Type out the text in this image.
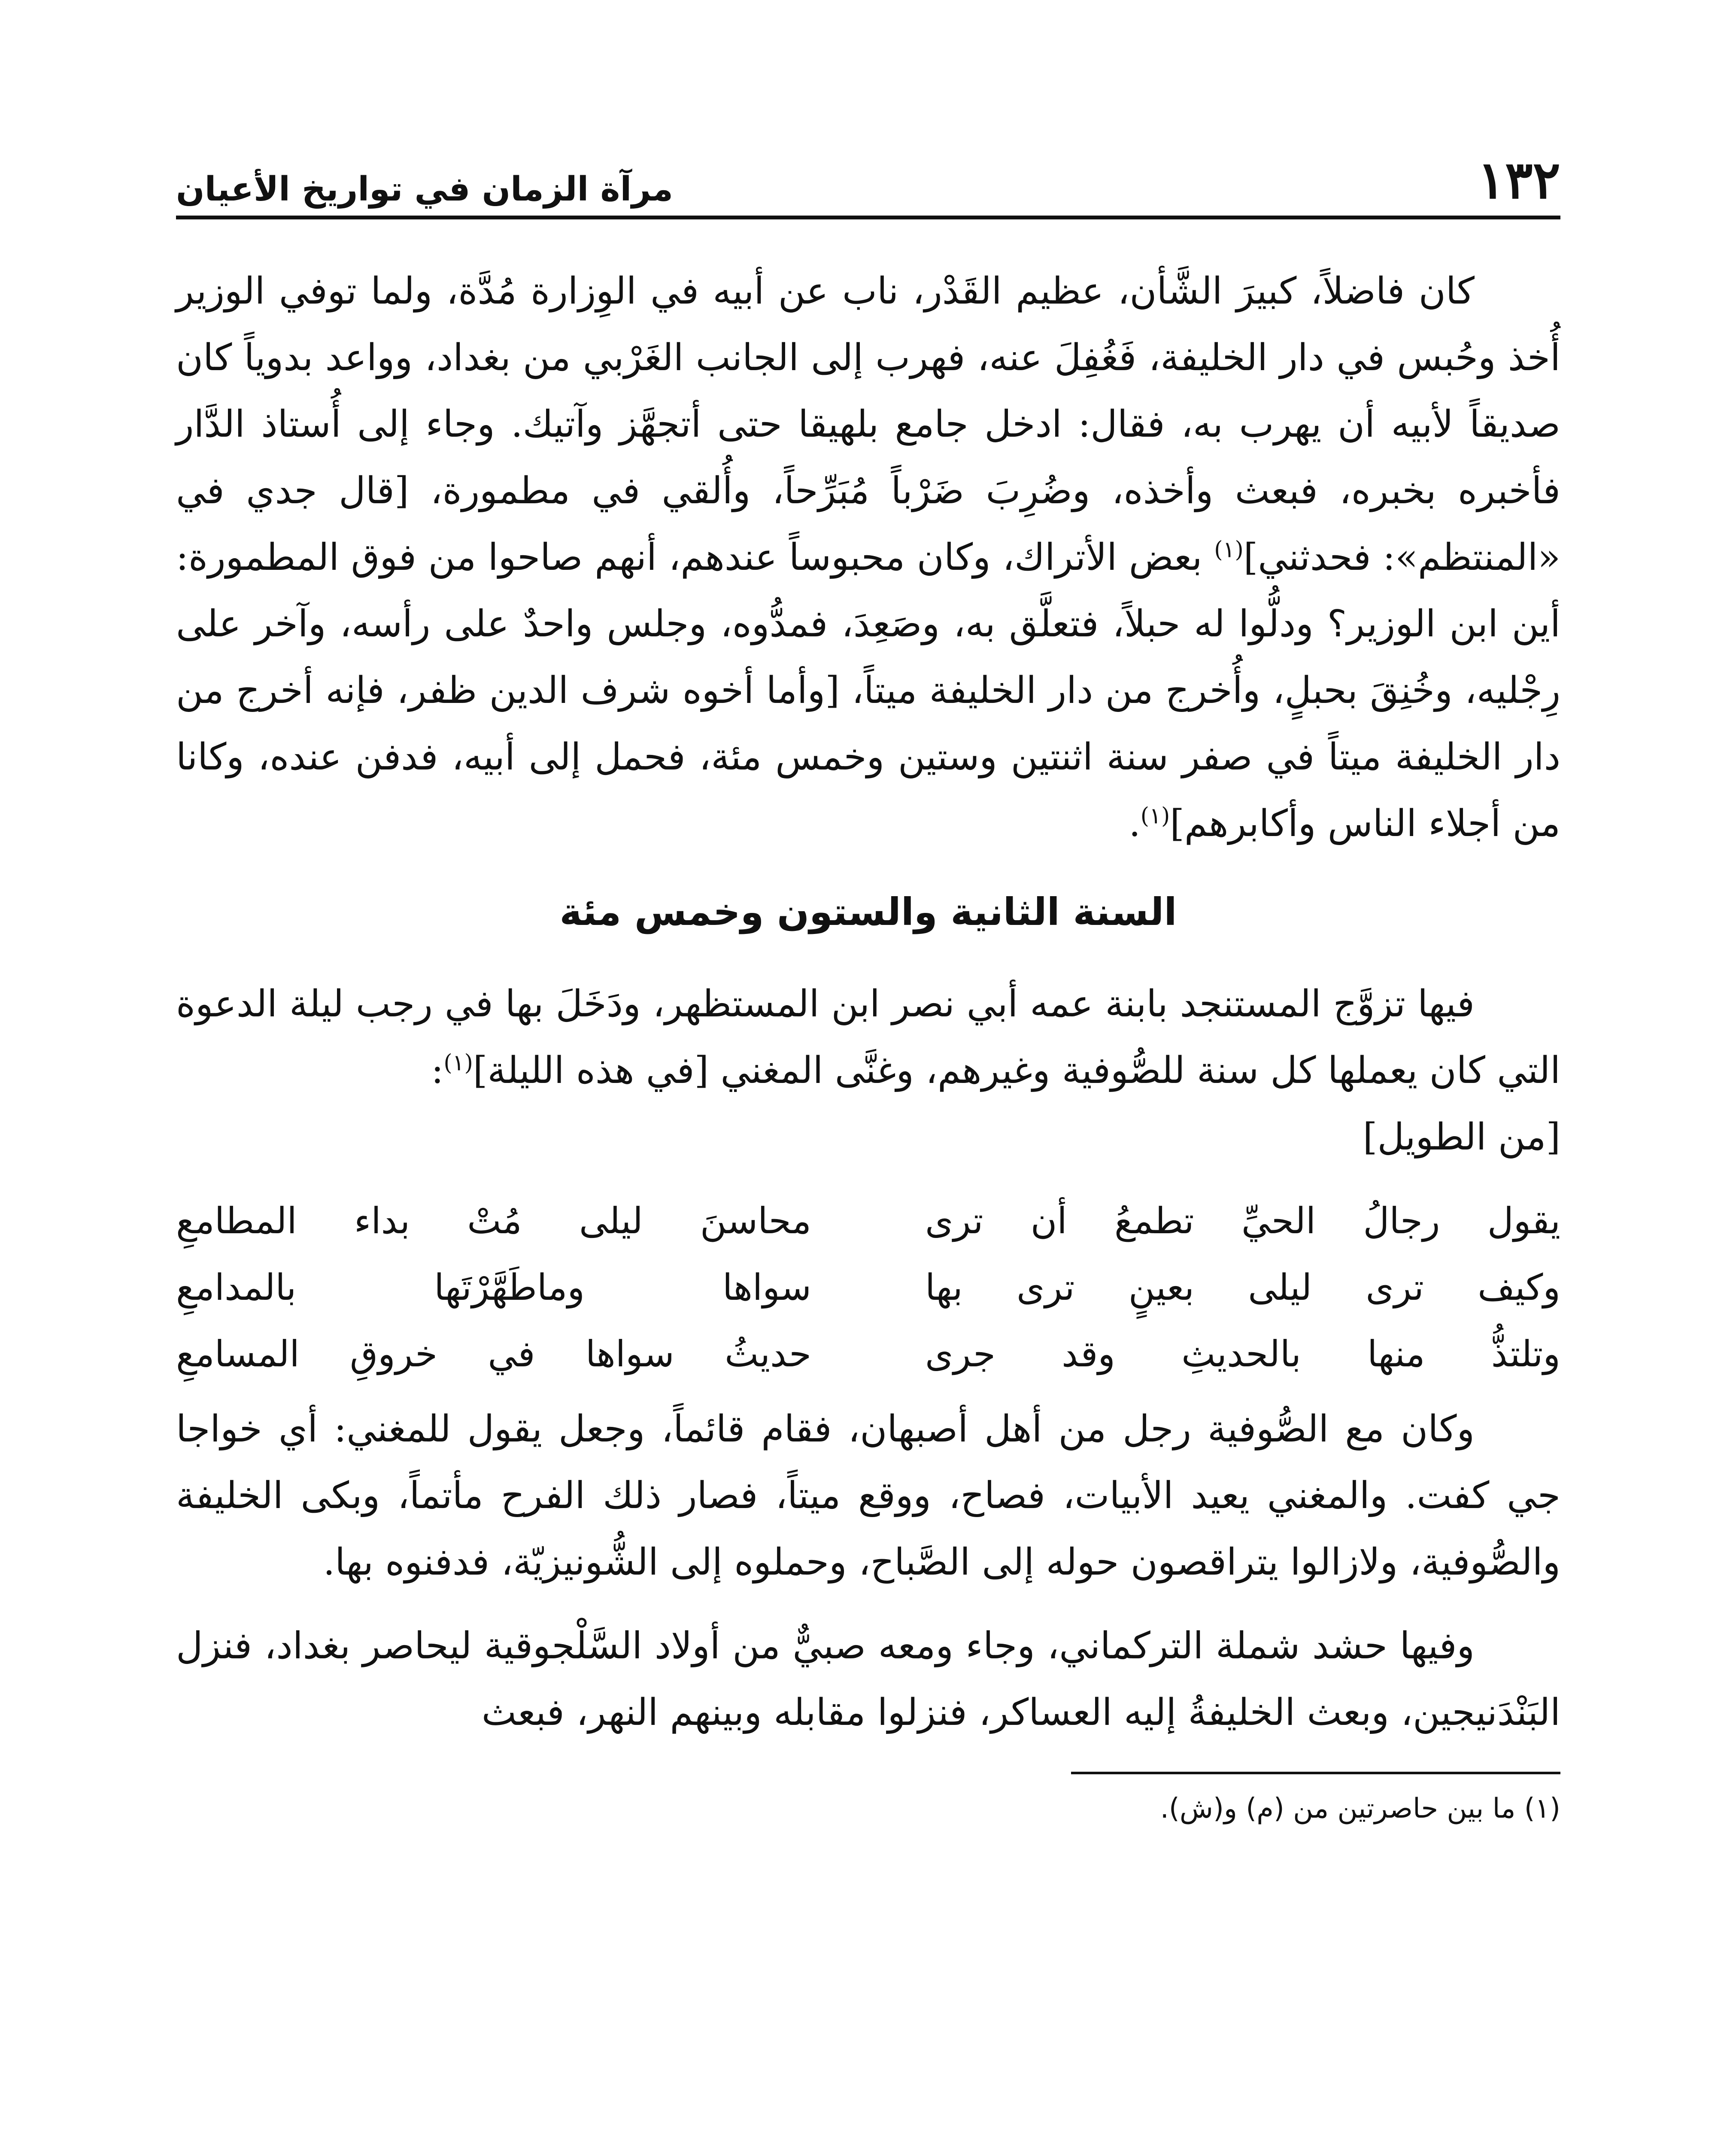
١٣٢
مرآة الزمان في تواريخ الأعيان

كان فاضلاً، كبيرَ الشَّأن، عظيم القَدْر، ناب عن أبيه في الوِزارة مُدَّة، ولما توفي الوزير أُخذ وحُبس في دار الخليفة، فَغُفِلَ عنه، فهرب إلى الجانب الغَرْبي من بغداد، وواعد بدوياً كان صديقاً لأبيه أن يهرب به، فقال: ادخل جامع بلهيقا حتى أتجهَّز وآتيك. وجاء إلى أُستاذ الدَّار فأخبره بخبره، فبعث وأخذه، وضُرِبَ ضَرْباً مُبَرِّحاً، وأُلقي في مطمورة، [قال جدي في «المنتظم»: فحدثني]$^{(١)}$ بعض الأتراك، وكان محبوساً عندهم، أنهم صاحوا من فوق المطمورة: أين ابن الوزير؟ ودلُّوا له حبلاً، فتعلَّق به، وصَعِدَ، فمدُّوه، وجلس واحدٌ على رأسه، وآخر على رِجْليه، وخُنِقَ بحبلٍ، وأُخرج من دار الخليفة ميتاً، [وأما أخوه شرف الدين ظفر، فإنه أخرج من دار الخليفة ميتاً في صفر سنة اثنتين وستين وخمس مئة، فحمل إلى أبيه، فدفن عنده، وكانا من أجلاء الناس وأكابرهم]$^{(١)}$.

السنة الثانية والستون وخمس مئة

فيها تزوَّج المستنجد بابنة عمه أبي نصر ابن المستظهر، ودَخَلَ بها في رجب ليلة الدعوة التي كان يعملها كل سنة للصُّوفية وغيرهم، وغنَّى المغني [في هذه الليلة]$^{(١)}$:

[من الطويل]

يقول رجالُ الحيِّ تطمعُ أن ترى
محاسنَ ليلى مُتْ بداء المطامعِ
وكيف ترى ليلى بعينٍ ترى بها
سواها وماطَهَّرْتَها بالمدامعِ
وتلتذُّ منها بالحديثِ وقد جرى
حديثُ سواها في خروقِ المسامعِ

وكان مع الصُّوفية رجل من أهل أصبهان، فقام قائماً، وجعل يقول للمغني: أي خواجا جي كفت. والمغني يعيد الأبيات، فصاح، ووقع ميتاً، فصار ذلك الفرح مأتماً، وبكى الخليفة والصُّوفية، ولازالوا يتراقصون حوله إلى الصَّباح، وحملوه إلى الشُّونيزيّة، فدفنوه بها.

وفيها حشد شملة التركماني، وجاء ومعه صبيٌّ من أولاد السَّلْجوقية ليحاصر بغداد، فنزل البَنْدَنيجين، وبعث الخليفةُ إليه العساكر، فنزلوا مقابله وبينهم النهر، فبعث

(١) ما بين حاصرتين من (م) و(ش).
